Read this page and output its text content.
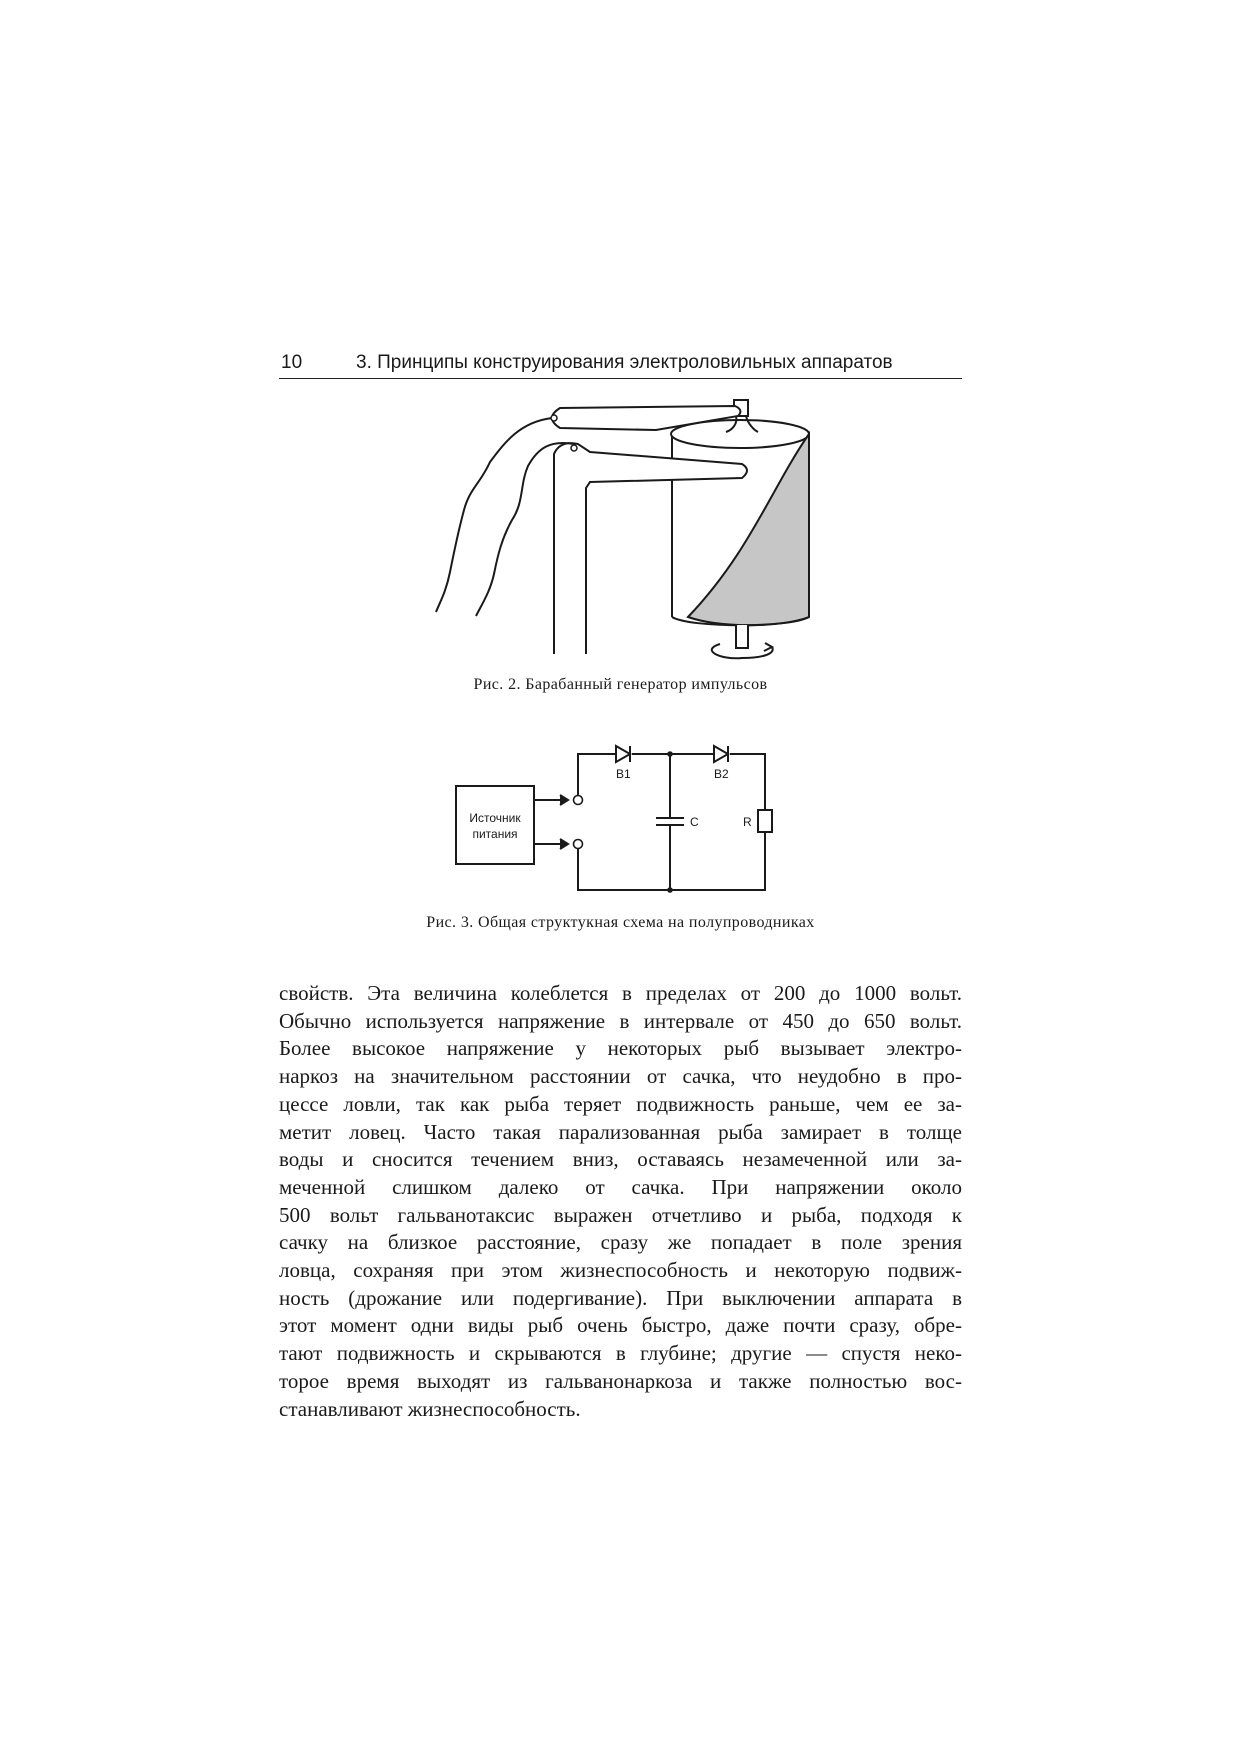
10	3. Принципы конструирования электроловильных аппаратов
Рис. 2. Барабанный генератор импульсов
Источник
питания
B1	B2
C	R
Рис. 3. Общая структукная схема на полупроводниках
свойств. Эта величина колеблется в пределах от 200 до 1000 вольт.
Обычно используется напряжение в интервале от 450 до 650 вольт.
Более высокое напряжение у некоторых рыб вызывает электро-
наркоз на значительном расстоянии от сачка, что неудобно в про-
цессе ловли, так как рыба теряет подвижность раньше, чем ее за-
метит ловец. Часто такая парализованная рыба замирает в толще
воды и сносится течением вниз, оставаясь незамеченной или за-
меченной слишком далеко от сачка. При напряжении около
500 вольт гальванотаксис выражен отчетливо и рыба, подходя к
сачку на близкое расстояние, сразу же попадает в поле зрения
ловца, сохраняя при этом жизнеспособность и некоторую подвиж-
ность (дрожание или подергивание). При выключении аппарата в
этот момент одни виды рыб очень быстро, даже почти сразу, обре-
тают подвижность и скрываются в глубине; другие — спустя неко-
торое время выходят из гальванонаркоза и также полностью вос-
станавливают жизнеспособность.
